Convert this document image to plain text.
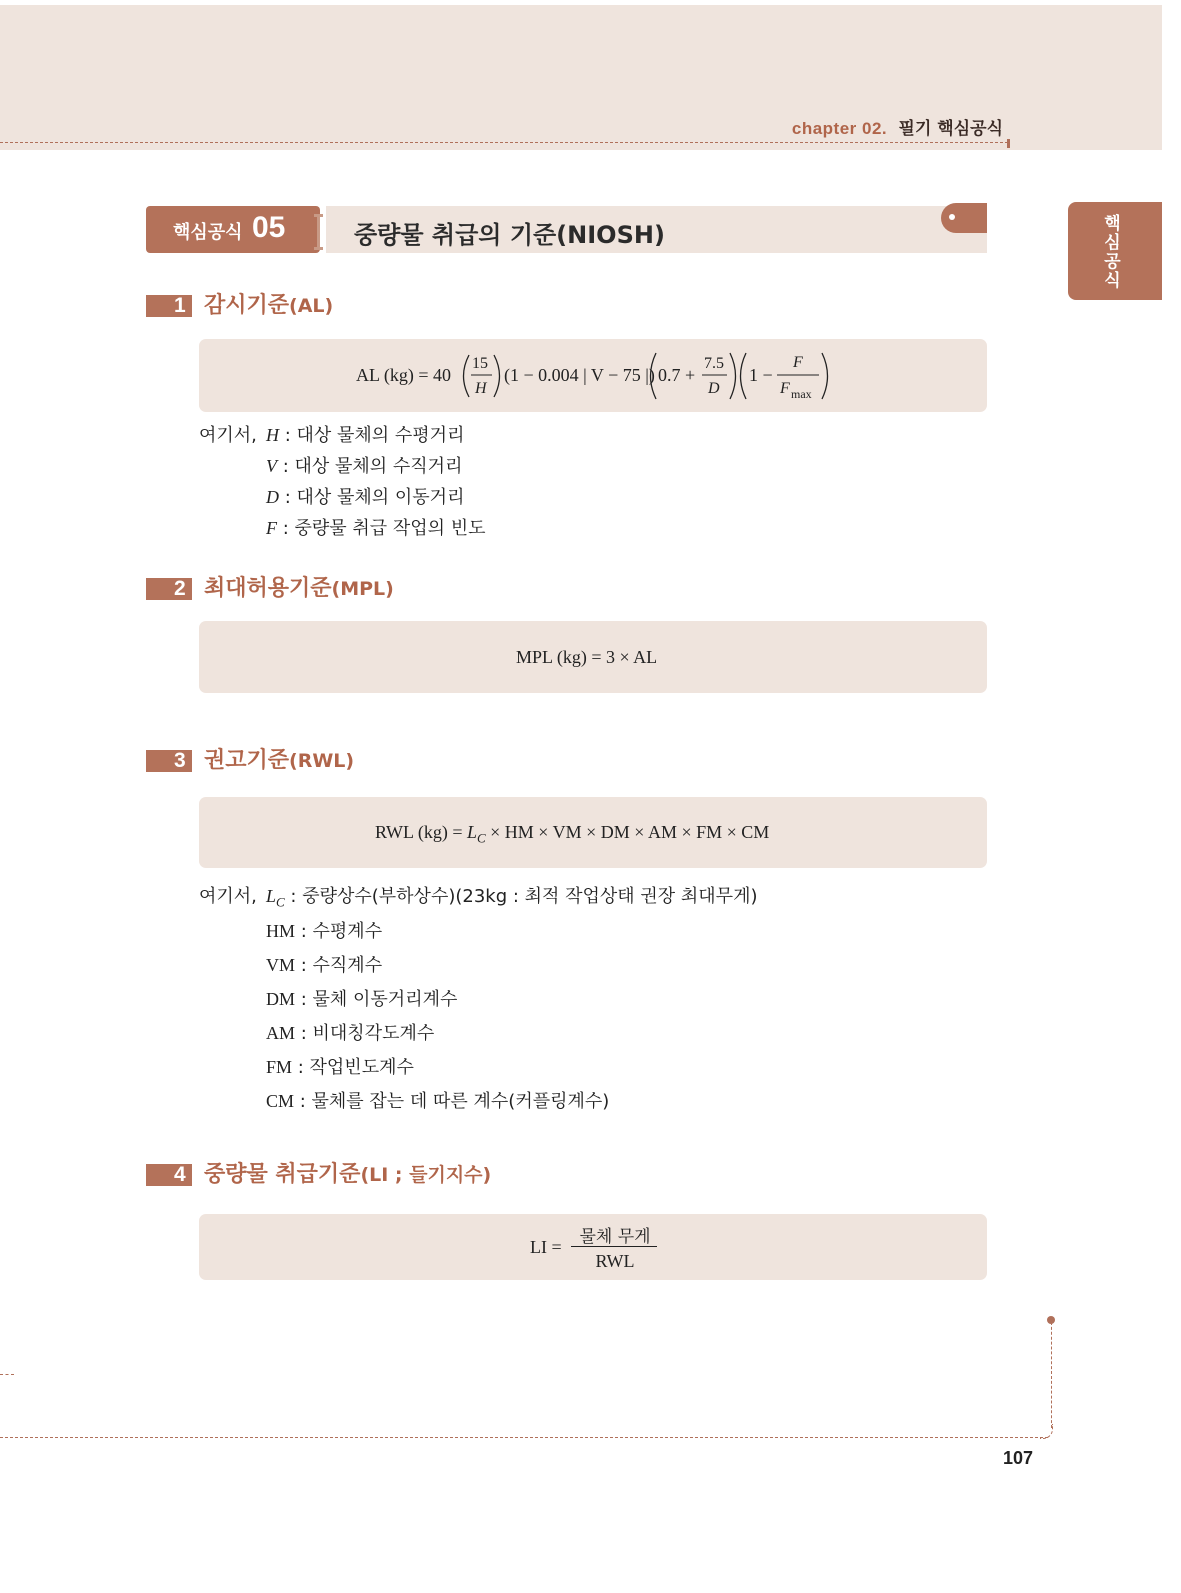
chapter 02. 필기 핵심공식
핵심공식
핵심공식 05	중량물 취급의 기준(NIOSH)
1 감시기준(AL)
AL (kg) = 40
15
H
(1 − 0.004 | V − 75 |) 0.7 +
7.5
D
1 −
F
F max
여기서, H : 대상 물체의 수평거리
V : 대상 물체의 수직거리
D : 대상 물체의 이동거리
F : 중량물 취급 작업의 빈도
2 최대허용기준(MPL)
MPL (kg) = 3 × AL
3 권고기준(RWL)
RWL $(kg) = L_C$ × HM × VM × DM × AM × FM × CM
여기서, $L_C$ : 중량상수(부하상수)(23kg : 최적 작업상태 권장 최대무게)
HM : 수평계수
VM : 수직계수
DM : 물체 이동거리계수
AM : 비대칭각도계수
FM : 작업빈도계수
CM : 물체를 잡는 데 따른 계수(커플링계수)
4 중량물 취급기준(LI ; 들기지수)
LI =	물체 무게
RWL
107
